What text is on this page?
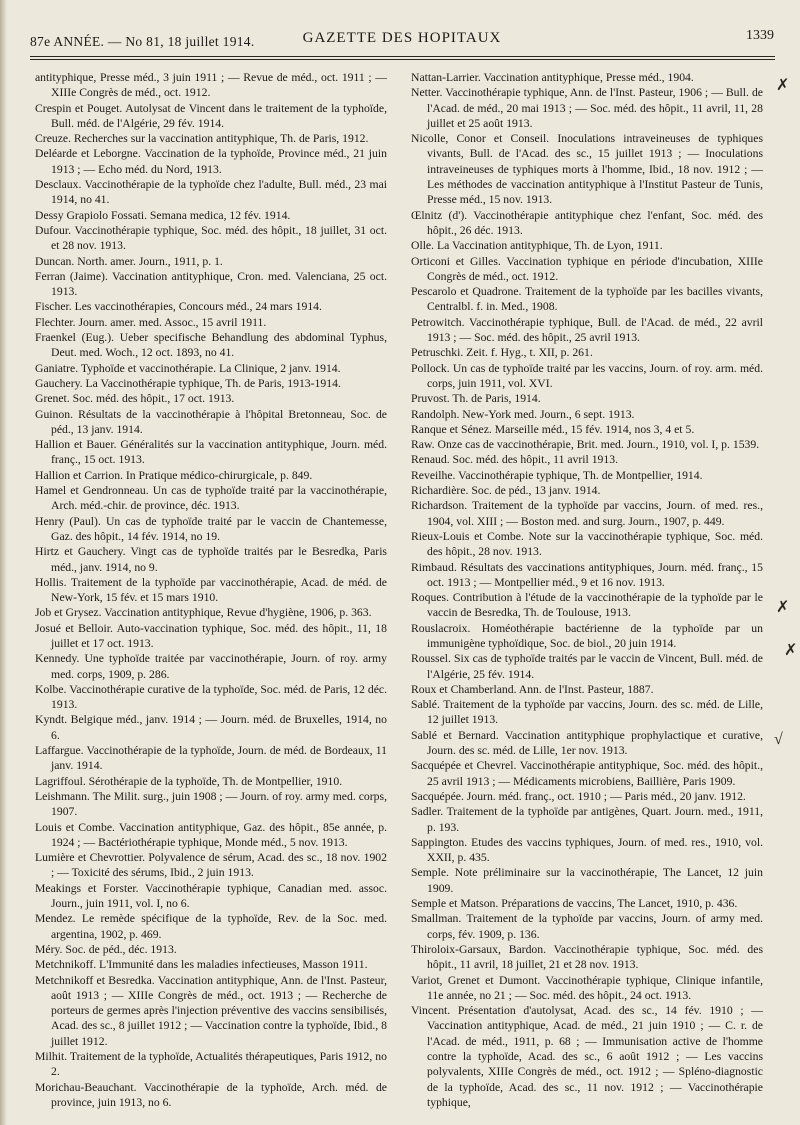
87e ANNÉE. — No 81, 18 juillet 1914.	GAZETTE DES HOPITAUX	1339

antityphique, Presse méd., 3 juin 1911 ; — Revue de méd., oct. 1911 ; — XIIIe Congrès de méd., oct. 1912.

Crespin et Pouget. Autolysat de Vincent dans le traitement de la typhoïde, Bull. méd. de l'Algérie, 29 fév. 1914.

Creuze. Recherches sur la vaccination antityphique, Th. de Paris, 1912.

Deléarde et Leborgne. Vaccination de la typhoïde, Province méd., 21 juin 1913 ; — Echo méd. du Nord, 1913.

Desclaux. Vaccinothérapie de la typhoïde chez l'adulte, Bull. méd., 23 mai 1914, no 41.

Dessy Grapiolo Fossati. Semana medica, 12 fév. 1914.

Dufour. Vaccinothérapie typhique, Soc. méd. des hôpit., 18 juillet, 31 oct. et 28 nov. 1913.

Duncan. North. amer. Journ., 1911, p. 1.

Ferran (Jaime). Vaccination antityphique, Cron. med. Valenciana, 25 oct. 1913.

Fischer. Les vaccinothérapies, Concours méd., 24 mars 1914.

Flechter. Journ. amer. med. Assoc., 15 avril 1911.

Fraenkel (Eug.). Ueber specifische Behandlung des abdominal Typhus, Deut. med. Woch., 12 oct. 1893, no 41.

Ganiatre. Typhoïde et vaccinothérapie. La Clinique, 2 janv. 1914.

Gauchery. La Vaccinothérapie typhique, Th. de Paris, 1913-1914.

Grenet. Soc. méd. des hôpit., 17 oct. 1913.

Guinon. Résultats de la vaccinothérapie à l'hôpital Bretonneau, Soc. de péd., 13 janv. 1914.

Hallion et Bauer. Généralités sur la vaccination antityphique, Journ. méd. franç., 15 oct. 1913.

Hallion et Carrion. In Pratique médico-chirurgicale, p. 849.

Hamel et Gendronneau. Un cas de typhoïde traité par la vaccinothérapie, Arch. méd.-chir. de province, déc. 1913.

Henry (Paul). Un cas de typhoïde traité par le vaccin de Chantemesse, Gaz. des hôpit., 14 fév. 1914, no 19.

Hirtz et Gauchery. Vingt cas de typhoïde traités par le Besredka, Paris méd., janv. 1914, no 9.

Hollis. Traitement de la typhoïde par vaccinothérapie, Acad. de méd. de New-York, 15 fév. et 15 mars 1910.

Job et Grysez. Vaccination antityphique, Revue d'hygiène, 1906, p. 363.

Josué et Belloir. Auto-vaccination typhique, Soc. méd. des hôpit., 11, 18 juillet et 17 oct. 1913.

Kennedy. Une typhoïde traitée par vaccinothérapie, Journ. of roy. army med. corps, 1909, p. 286.

Kolbe. Vaccinothérapie curative de la typhoïde, Soc. méd. de Paris, 12 déc. 1913.

Kyndt. Belgique méd., janv. 1914 ; — Journ. méd. de Bruxelles, 1914, no 6.

Laffargue. Vaccinothérapie de la typhoïde, Journ. de méd. de Bordeaux, 11 janv. 1914.

Lagriffoul. Sérothérapie de la typhoïde, Th. de Montpellier, 1910.

Leishmann. The Milit. surg., juin 1908 ; — Journ. of roy. army med. corps, 1907.

Louis et Combe. Vaccination antityphique, Gaz. des hôpit., 85e année, p. 1924 ; — Bactériothérapie typhique, Monde méd., 5 nov. 1913.

Lumière et Chevrottier. Polyvalence de sérum, Acad. des sc., 18 nov. 1902 ; — Toxicité des sérums, Ibid., 2 juin 1913.

Meakings et Forster. Vaccinothérapie typhique, Canadian med. assoc. Journ., juin 1911, vol. I, no 6.

Mendez. Le remède spécifique de la typhoïde, Rev. de la Soc. med. argentina, 1902, p. 469.

Méry. Soc. de péd., déc. 1913.

Metchnikoff. L'Immunité dans les maladies infectieuses, Masson 1911.

Metchnikoff et Besredka. Vaccination antityphique, Ann. de l'Inst. Pasteur, août 1913 ; — XIIIe Congrès de méd., oct. 1913 ; — Recherche de porteurs de germes après l'injection préventive des vaccins sensibilisés, Acad. des sc., 8 juillet 1912 ; — Vaccination contre la typhoïde, Ibid., 8 juillet 1912.

Milhit. Traitement de la typhoïde, Actualités thérapeutiques, Paris 1912, no 2.

Morichau-Beauchant. Vaccinothérapie de la typhoïde, Arch. méd. de province, juin 1913, no 6.

Nattan-Larrier. Vaccination antityphique, Presse méd., 1904.

Netter. Vaccinothérapie typhique, Ann. de l'Inst. Pasteur, 1906 ; — Bull. de l'Acad. de méd., 20 mai 1913 ; — Soc. méd. des hôpit., 11 avril, 11, 28 juillet et 25 août 1913.

Nicolle, Conor et Conseil. Inoculations intraveineuses de typhiques vivants, Bull. de l'Acad. des sc., 15 juillet 1913 ; — Inoculations intraveineuses de typhiques morts à l'homme, Ibid., 18 nov. 1912 ; — Les méthodes de vaccination antityphique à l'Institut Pasteur de Tunis, Presse méd., 15 nov. 1913.

Œlnitz (d'). Vaccinothérapie antityphique chez l'enfant, Soc. méd. des hôpit., 26 déc. 1913.

Olle. La Vaccination antityphique, Th. de Lyon, 1911.

Orticoni et Gilles. Vaccination typhique en période d'incubation, XIIIe Congrès de méd., oct. 1912.

Pescarolo et Quadrone. Traitement de la typhoïde par les bacilles vivants, Centralbl. f. in. Med., 1908.

Petrowitch. Vaccinothérapie typhique, Bull. de l'Acad. de méd., 22 avril 1913 ; — Soc. méd. des hôpit., 25 avril 1913.

Petruschki. Zeit. f. Hyg., t. XII, p. 261.

Pollock. Un cas de typhoïde traité par les vaccins, Journ. of roy. arm. méd. corps, juin 1911, vol. XVI.

Pruvost. Th. de Paris, 1914.

Randolph. New-York med. Journ., 6 sept. 1913.

Ranque et Sénez. Marseille méd., 15 fév. 1914, nos 3, 4 et 5.

Raw. Onze cas de vaccinothérapie, Brit. med. Journ., 1910, vol. I, p. 1539.

Renaud. Soc. méd. des hôpit., 11 avril 1913.

Reveilhe. Vaccinothérapie typhique, Th. de Montpellier, 1914.

Richardière. Soc. de péd., 13 janv. 1914.

Richardson. Traitement de la typhoïde par vaccins, Journ. of med. res., 1904, vol. XIII ; — Boston med. and surg. Journ., 1907, p. 449.

Rieux-Louis et Combe. Note sur la vaccinothérapie typhique, Soc. méd. des hôpit., 28 nov. 1913.

Rimbaud. Résultats des vaccinations antityphiques, Journ. méd. franç., 15 oct. 1913 ; — Montpellier méd., 9 et 16 nov. 1913.

Roques. Contribution à l'étude de la vaccinothérapie de la typhoïde par le vaccin de Besredka, Th. de Toulouse, 1913.

Rouslacroix. Homéothérapie bactérienne de la typhoïde par un immunigène typhoïdique, Soc. de biol., 20 juin 1914.

Roussel. Six cas de typhoïde traités par le vaccin de Vincent, Bull. méd. de l'Algérie, 25 fév. 1914.

Roux et Chamberland. Ann. de l'Inst. Pasteur, 1887.

Sablé. Traitement de la typhoïde par vaccins, Journ. des sc. méd. de Lille, 12 juillet 1913.

Sablé et Bernard. Vaccination antityphique prophylactique et curative, Journ. des sc. méd. de Lille, 1er nov. 1913.

Sacquépée et Chevrel. Vaccinothérapie antityphique, Soc. méd. des hôpit., 25 avril 1913 ; — Médicaments microbiens, Baillière, Paris 1909.

Sacquépée. Journ. méd. franç., oct. 1910 ; — Paris méd., 20 janv. 1912.

Sadler. Traitement de la typhoïde par antigènes, Quart. Journ. med., 1911, p. 193.

Sappington. Etudes des vaccins typhiques, Journ. of med. res., 1910, vol. XXII, p. 435.

Semple. Note préliminaire sur la vaccinothérapie, The Lancet, 12 juin 1909.

Semple et Matson. Préparations de vaccins, The Lancet, 1910, p. 436.

Smallman. Traitement de la typhoïde par vaccins, Journ. of army med. corps, fév. 1909, p. 136.

Thiroloix-Garsaux, Bardon. Vaccinothérapie typhique, Soc. méd. des hôpit., 11 avril, 18 juillet, 21 et 28 nov. 1913.

Variot, Grenet et Dumont. Vaccinothérapie typhique, Clinique infantile, 11e année, no 21 ; — Soc. méd. des hôpit., 24 oct. 1913.

Vincent. Présentation d'autolysat, Acad. des sc., 14 fév. 1910 ; — Vaccination antityphique, Acad. de méd., 21 juin 1910 ; — C. r. de l'Acad. de méd., 1911, p. 68 ; — Immunisation active de l'homme contre la typhoïde, Acad. des sc., 6 août 1912 ; — Les vaccins polyvalents, XIIIe Congrès de méd., oct. 1912 ; — Spléno-diagnostic de la typhoïde, Acad. des sc., 11 nov. 1912 ; — Vaccinothérapie typhique,

✗
✗
✗
√
